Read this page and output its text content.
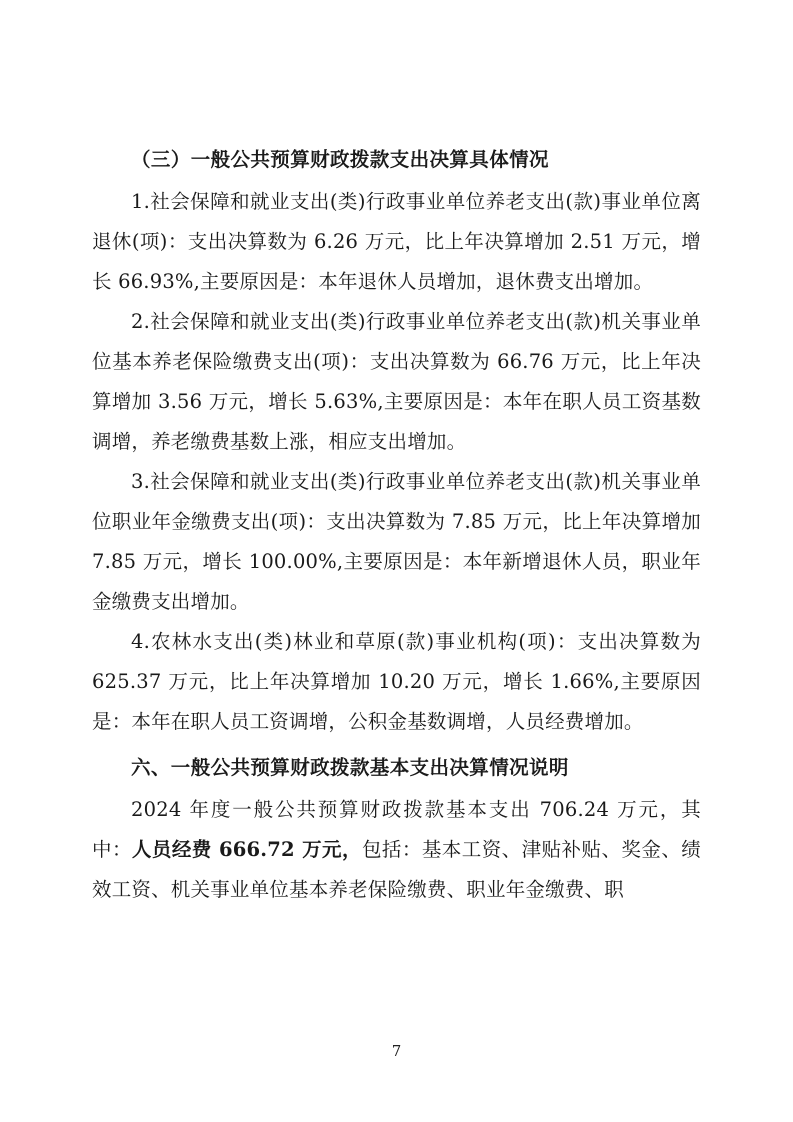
（三）一般公共预算财政拨款支出决算具体情况

1.社会保障和就业支出(类)行政事业单位养老支出(款)事业单位离退休(项)：支出决算数为 6.26 万元，比上年决算增加 2.51 万元，增长 66.93%,主要原因是：本年退休人员增加，退休费支出增加。

2.社会保障和就业支出(类)行政事业单位养老支出(款)机关事业单位基本养老保险缴费支出(项)：支出决算数为 66.76 万元，比上年决算增加 3.56 万元，增长 5.63%,主要原因是：本年在职人员工资基数调增，养老缴费基数上涨，相应支出增加。

3.社会保障和就业支出(类)行政事业单位养老支出(款)机关事业单位职业年金缴费支出(项)：支出决算数为 7.85 万元，比上年决算增加 7.85 万元，增长 100.00%,主要原因是：本年新增退休人员，职业年金缴费支出增加。

4.农林水支出(类)林业和草原(款)事业机构(项)：支出决算数为 625.37 万元，比上年决算增加 10.20 万元，增长 1.66%,主要原因是：本年在职人员工资调增，公积金基数调增，人员经费增加。

六、一般公共预算财政拨款基本支出决算情况说明

2024 年度一般公共预算财政拨款基本支出 706.24 万元，其中：人员经费 666.72 万元，包括：基本工资、津贴补贴、奖金、绩效工资、机关事业单位基本养老保险缴费、职业年金缴费、职

7
